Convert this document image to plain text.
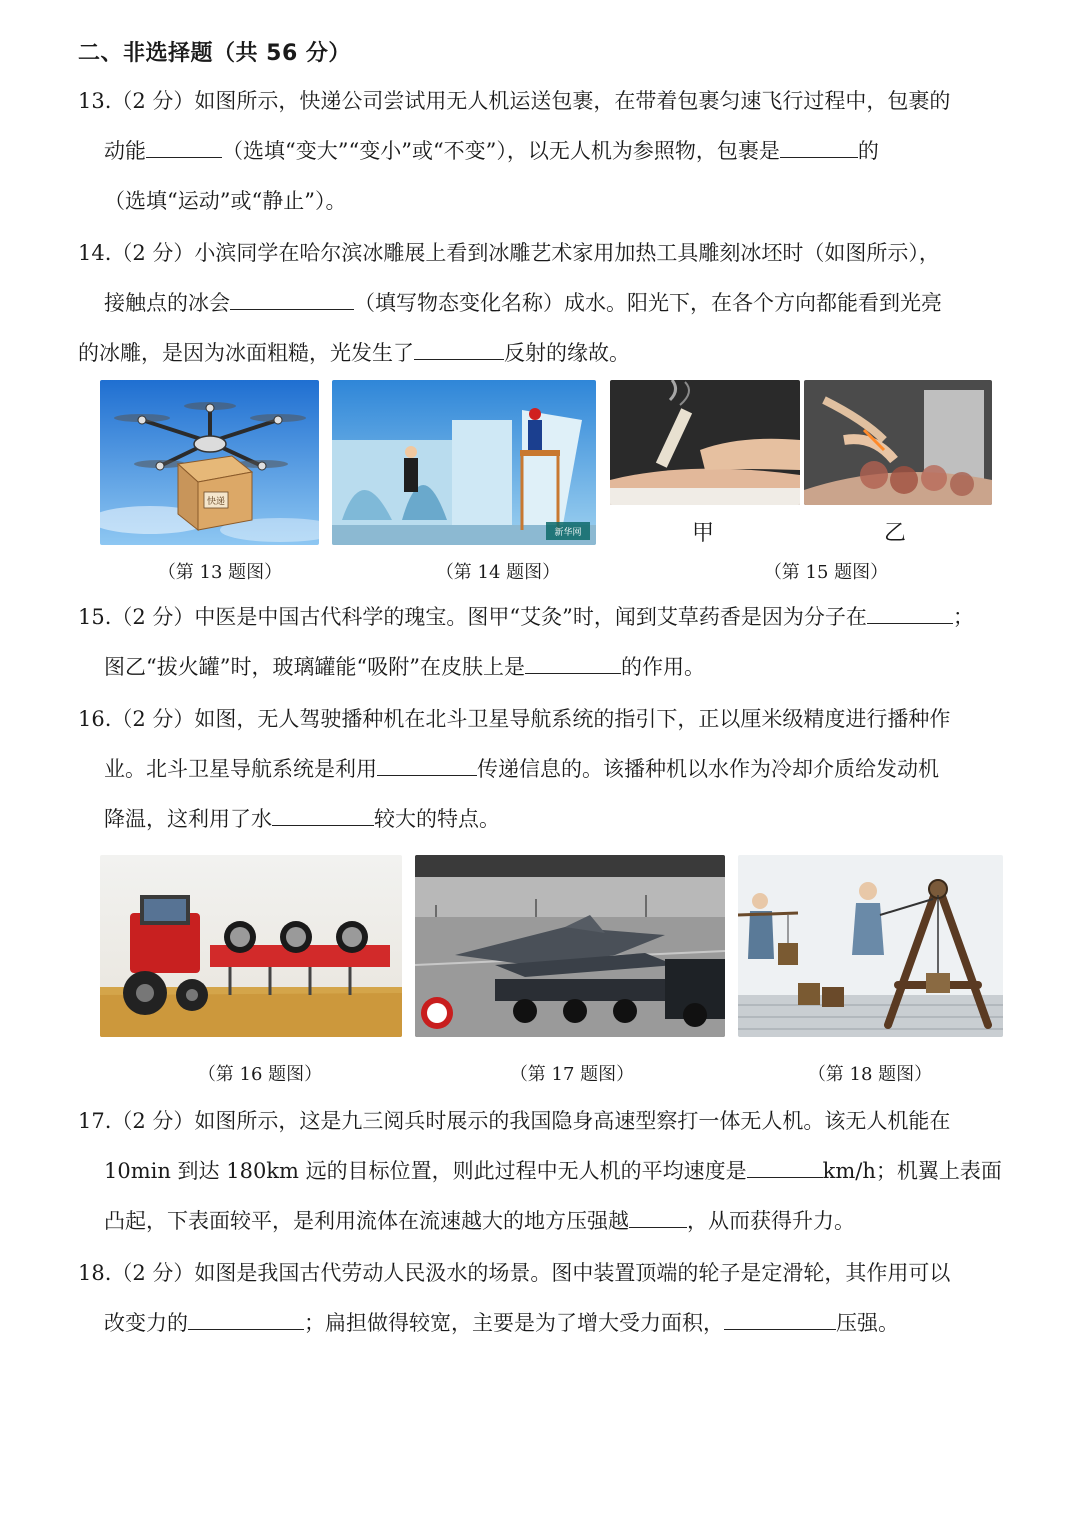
二、非选择题（共 56 分）
13.（2 分）如图所示，快递公司尝试用无人机运送包裹，在带着包裹匀速飞行过程中，包裹的
动能	（选填“变大”“变小”或“不变”），以无人机为参照物，包裹是	的
（选填“运动”或“静止”）。
14.（2 分）小滨同学在哈尔滨冰雕展上看到冰雕艺术家用加热工具雕刻冰坯时（如图所示），
接触点的冰会	（填写物态变化名称）成水。阳光下，在各个方向都能看到光亮
的冰雕，是因为冰面粗糙，光发生了	反射的缘故。
快递
新华网	甲	乙
（第 13 题图）	（第 14 题图）	（第 15 题图）
15.（2 分）中医是中国古代科学的瑰宝。图甲“艾灸”时，闻到艾草药香是因为分子在	；
图乙“拔火罐”时，玻璃罐能“吸附”在皮肤上是	的作用。
16.（2 分）如图，无人驾驶播种机在北斗卫星导航系统的指引下，正以厘米级精度进行播种作
业。北斗卫星导航系统是利用	传递信息的。该播种机以水作为冷却介质给发动机
降温，这利用了水	较大的特点。
（第 16 题图）	（第 17 题图）	（第 18 题图）
17.（2 分）如图所示，这是九三阅兵时展示的我国隐身高速型察打一体无人机。该无人机能在
10min 到达 180km 远的目标位置，则此过程中无人机的平均速度是	km/h；机翼上表面
凸起，下表面较平，是利用流体在流速越大的地方压强越	，从而获得升力。
18.（2 分）如图是我国古代劳动人民汲水的场景。图中装置顶端的轮子是定滑轮，其作用可以
改变力的	；扁担做得较宽，主要是为了增大受力面积，	压强。
